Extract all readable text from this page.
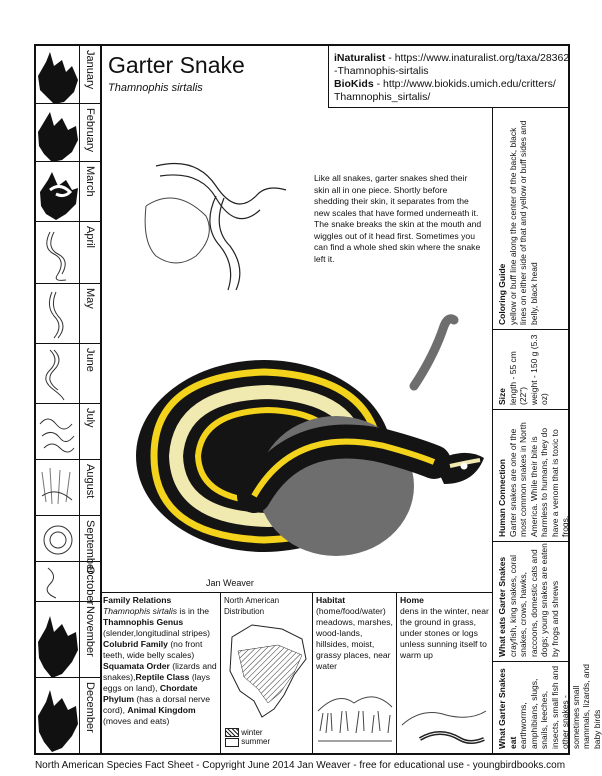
January
February
March
April
May
June
July
August
September
October
November
December
Garter Snake
Thamnophis sirtalis
iNaturalist - https://www.inaturalist.org/taxa/28362 -Thamnophis-sirtalis
BioKids - http://www.biokids.umich.edu/critters/ Thamnophis_sirtalis/
Like all snakes, garter snakes shed their skin all in one piece. Shortly before shedding their skin, it separates from the new scales that have formed underneath it. The snake breaks the skin at the mouth and wiggles out of it head first. Sometimes you can find a whole shed skin where the snake left it.
Jan Weaver
Coloring Guide
yellow or buff line along the center of the back, black lines on either side of that and yellow or buff sides and belly, black head
Size
length - 55 cm (22")
weight - 150 g (5.3 oz)
Human Connection
Garter snakes are one of the most common snakes in North America. While their bite is harmless to humans, they do have a venom that is toxic to frogs.
What eats Garter Snakes
crayfish, king snakes, coral snakes, crows, hawks, raccoons, domestic cats and dogs; young snakes are eaten by frogs and shrews
What Garter Snakes eat
earthworms, amphibians, slugs, snails, leeches, insects, small fish and other snakes - sometimes small mammals, lizards, and baby birds
Family Relations
Thamnophis sirtalis is in the Thamnophis Genus (slender,longitudinal stripes) Colubrid Family (no front teeth, wide belly scales) Squamata Order (lizards and snakes),Reptile Class (lays eggs on land), Chordate Phylum (has a dorsal nerve cord), Animal Kingdom (moves and eats)
North American Distribution
winter
summer
Habitat (home/food/water)
meadows, marshes, wood-lands, hillsides, moist, grassy places, near water
Home
dens in the winter, near the ground in grass, under stones or logs unless sunning itself to warm up
North American Species Fact Sheet - Copyright June 2014 Jan Weaver - free for educational use - youngbirdbooks.com
